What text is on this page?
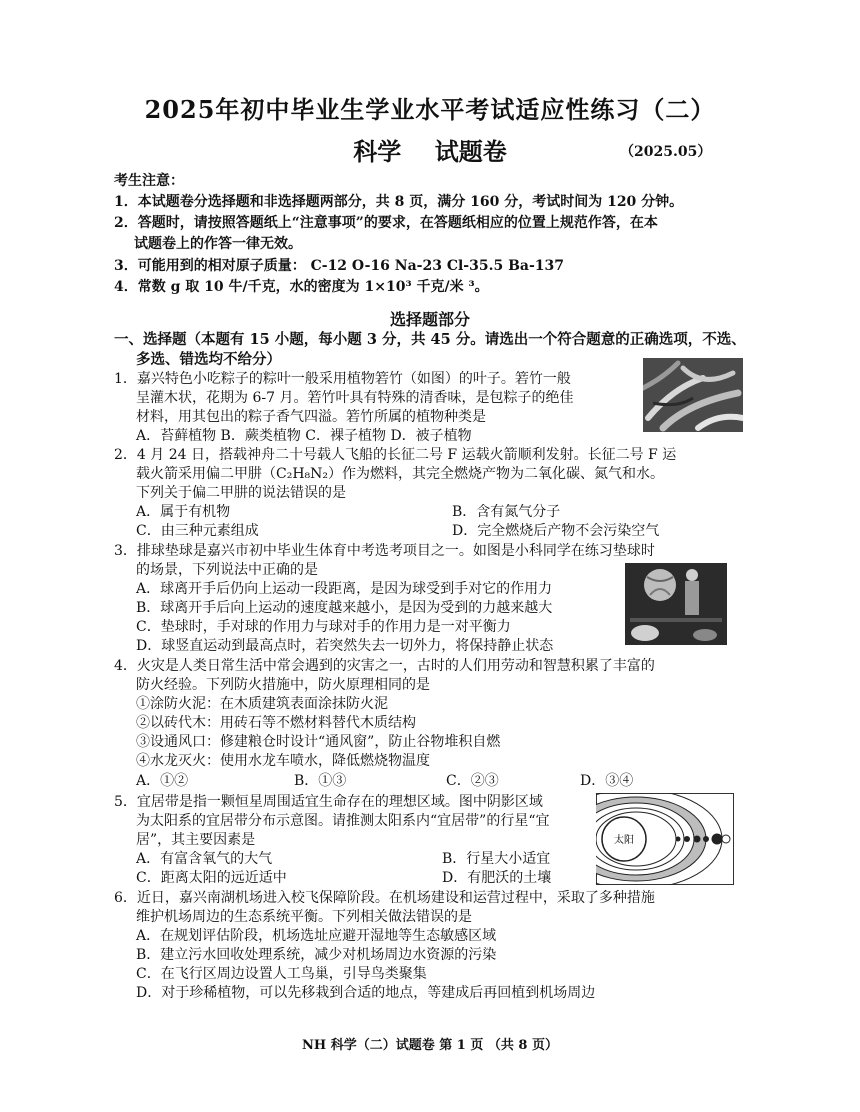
2025年初中毕业生学业水平考试适应性练习（二）
科学    试题卷	（2025.05）
考生注意：
1．本试题卷分选择题和非选择题两部分，共 8 页，满分 160 分，考试时间为 120 分钟。
2．答题时，请按照答题纸上“注意事项”的要求，在答题纸相应的位置上规范作答，在本
试题卷上的作答一律无效。
3．可能用到的相对原子质量： C-12 O-16 Na-23 Cl-35.5 Ba-137
4．常数 g 取 10 牛/千克，水的密度为 1×10³ 千克/米 ³。
选择题部分
一、选择题（本题有 15 小题，每小题 3 分，共 45 分。请选出一个符合题意的正确选项，不选、
多选、错选均不给分）
1．嘉兴特色小吃粽子的粽叶一般采用植物箬竹（如图）的叶子。箬竹一般
呈灌木状，花期为 6-7 月。箬竹叶具有特殊的清香味，是包粽子的绝佳
材料，用其包出的粽子香气四溢。箬竹所属的植物种类是
A．苔藓植物 B．蕨类植物 C．裸子植物 D．被子植物
2．4 月 24 日，搭载神舟二十号载人飞船的长征二号 F 运载火箭顺利发射。长征二号 F 运
载火箭采用偏二甲肼（C₂H₈N₂）作为燃料，其完全燃烧产物为二氧化碳、氮气和水。
下列关于偏二甲肼的说法错误的是
A．属于有机物	B．含有氮气分子
C．由三种元素组成	D．完全燃烧后产物不会污染空气
3．排球垫球是嘉兴市初中毕业生体育中考选考项目之一。如图是小科同学在练习垫球时
的场景，下列说法中正确的是
A．球离开手后仍向上运动一段距离，是因为球受到手对它的作用力
B．球离开手后向上运动的速度越来越小，是因为受到的力越来越大
C．垫球时，手对球的作用力与球对手的作用力是一对平衡力
D．球竖直运动到最高点时，若突然失去一切外力，将保持静止状态
4．火灾是人类日常生活中常会遇到的灾害之一，古时的人们用劳动和智慧积累了丰富的
防火经验。下列防火措施中，防火原理相同的是
①涂防火泥：在木质建筑表面涂抹防火泥
②以砖代木：用砖石等不燃材料替代木质结构
③设通风口：修建粮仓时设计“通风窗”，防止谷物堆积自燃
④水龙灭火：使用水龙车喷水，降低燃烧物温度
A．①②	B．①③	C．②③	D．③④
5．宜居带是指一颗恒星周围适宜生命存在的理想区域。图中阴影区域
为太阳系的宜居带分布示意图。请推测太阳系内“宜居带”的行星“宜
居”，其主要因素是
A．有富含氧气的大气	B．行星大小适宜
C．距离太阳的远近适中	D．有肥沃的土壤
太阳
6．近日，嘉兴南湖机场进入校飞保障阶段。在机场建设和运营过程中，采取了多种措施
维护机场周边的生态系统平衡。下列相关做法错误的是
A．在规划评估阶段，机场选址应避开湿地等生态敏感区域
B．建立污水回收处理系统，减少对机场周边水资源的污染
C．在飞行区周边设置人工鸟巢，引导鸟类聚集
D．对于珍稀植物，可以先移栽到合适的地点，等建成后再回植到机场周边
NH 科学（二）试题卷 第 1 页 （共 8 页）
